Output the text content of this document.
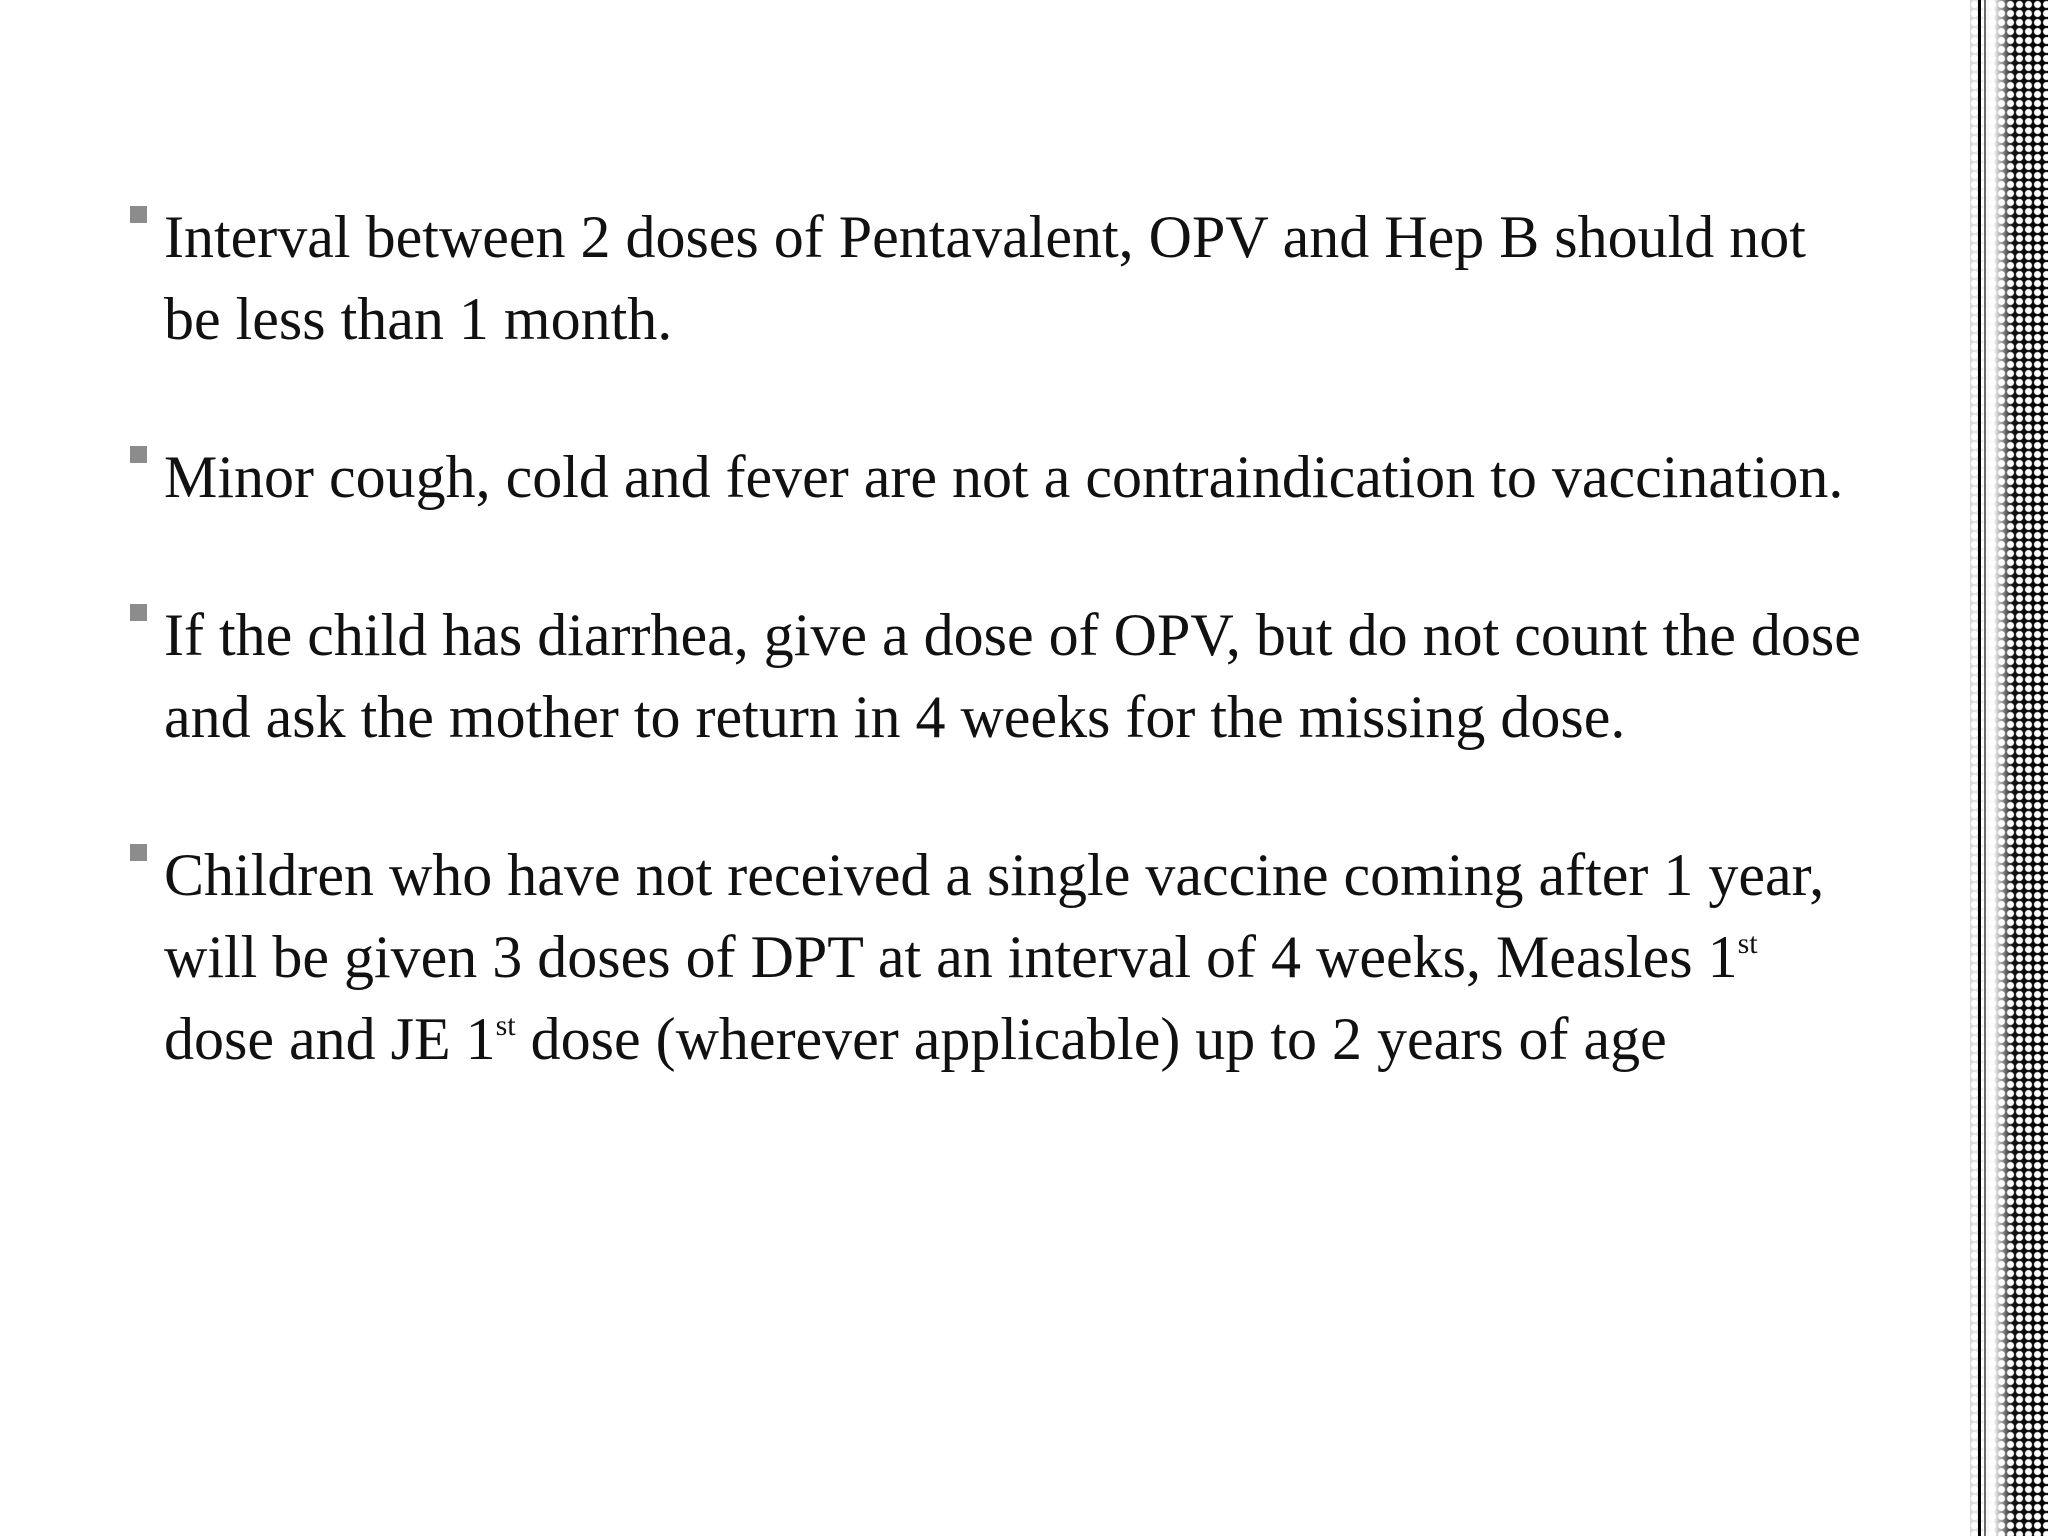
Interval between 2 doses of Pentavalent, OPV and Hep B should not be less than 1 month.
Minor cough, cold and fever are not a contraindication to vaccination.
If the child has diarrhea, give a dose of OPV, but do not count the dose and ask the mother to return in 4 weeks for the missing dose.
Children who have not received a single vaccine coming after 1 year, will be given 3 doses of DPT at an interval of 4 weeks, Measles 1st dose and JE 1st dose (wherever applicable) up to 2 years of age
